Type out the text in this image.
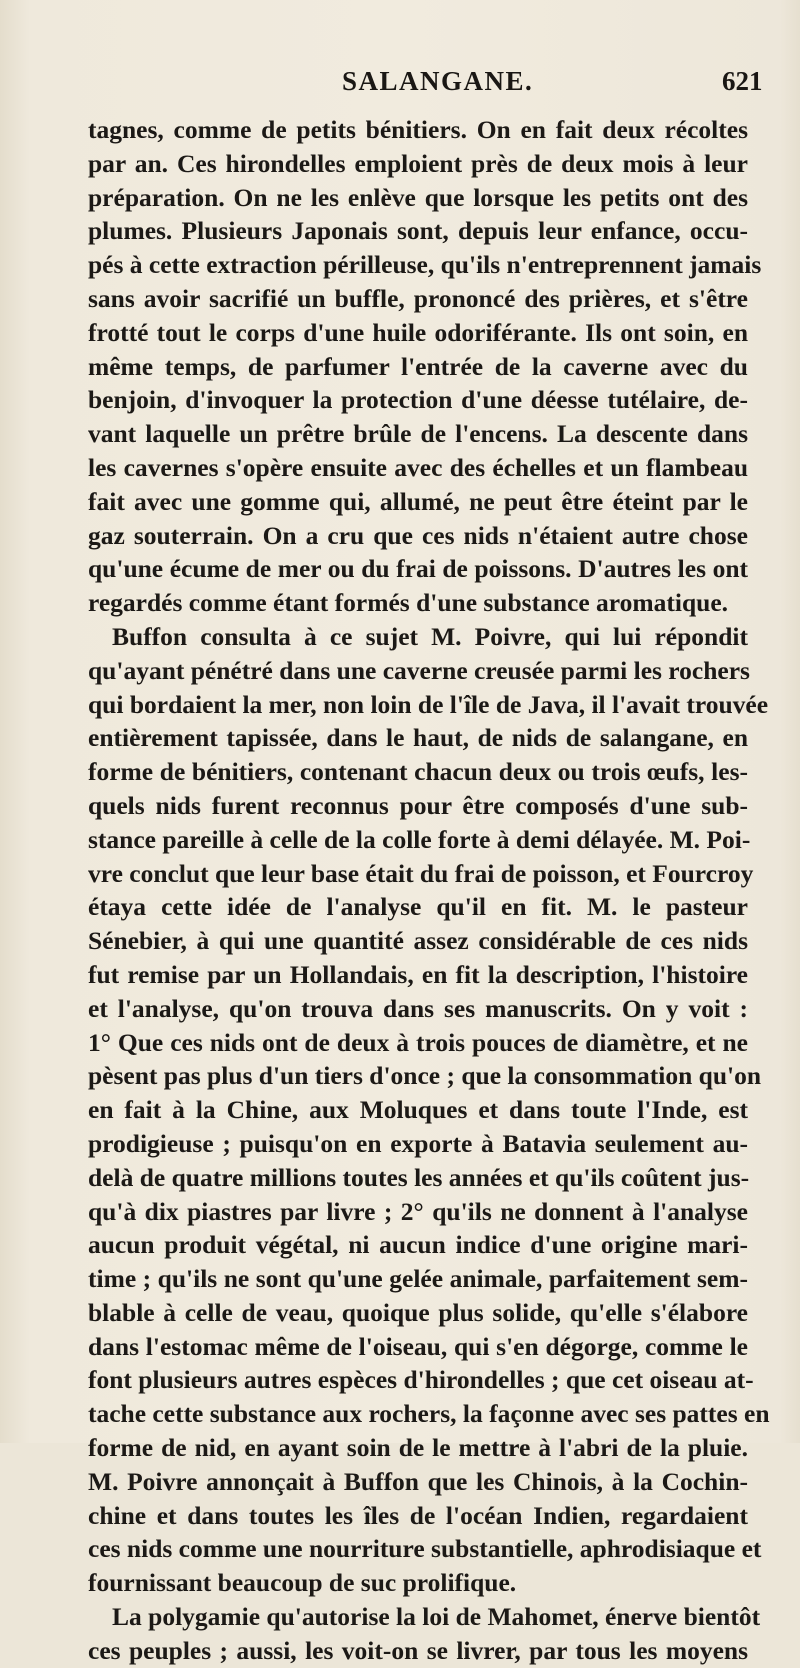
SALANGANE.	621
tagnes, comme de petits bénitiers. On en fait deux récoltes
par an. Ces hirondelles emploient près de deux mois à leur
préparation. On ne les enlève que lorsque les petits ont des
plumes. Plusieurs Japonais sont, depuis leur enfance, occu-
pés à cette extraction périlleuse, qu'ils n'entreprennent jamais
sans avoir sacrifié un buffle, prononcé des prières, et s'être
frotté tout le corps d'une huile odoriférante. Ils ont soin, en
même temps, de parfumer l'entrée de la caverne avec du
benjoin, d'invoquer la protection d'une déesse tutélaire, de-
vant laquelle un prêtre brûle de l'encens. La descente dans
les cavernes s'opère ensuite avec des échelles et un flambeau
fait avec une gomme qui, allumé, ne peut être éteint par le
gaz souterrain. On a cru que ces nids n'étaient autre chose
qu'une écume de mer ou du frai de poissons. D'autres les ont
regardés comme étant formés d'une substance aromatique.
Buffon consulta à ce sujet M. Poivre, qui lui répondit
qu'ayant pénétré dans une caverne creusée parmi les rochers
qui bordaient la mer, non loin de l'île de Java, il l'avait trouvée
entièrement tapissée, dans le haut, de nids de salangane, en
forme de bénitiers, contenant chacun deux ou trois œufs, les-
quels nids furent reconnus pour être composés d'une sub-
stance pareille à celle de la colle forte à demi délayée. M. Poi-
vre conclut que leur base était du frai de poisson, et Fourcroy
étaya cette idée de l'analyse qu'il en fit. M. le pasteur
Sénebier, à qui une quantité assez considérable de ces nids
fut remise par un Hollandais, en fit la description, l'histoire
et l'analyse, qu'on trouva dans ses manuscrits. On y voit :
1° Que ces nids ont de deux à trois pouces de diamètre, et ne
pèsent pas plus d'un tiers d'once ; que la consommation qu'on
en fait à la Chine, aux Moluques et dans toute l'Inde, est
prodigieuse ; puisqu'on en exporte à Batavia seulement au-
delà de quatre millions toutes les années et qu'ils coûtent jus-
qu'à dix piastres par livre ; 2° qu'ils ne donnent à l'analyse
aucun produit végétal, ni aucun indice d'une origine mari-
time ; qu'ils ne sont qu'une gelée animale, parfaitement sem-
blable à celle de veau, quoique plus solide, qu'elle s'élabore
dans l'estomac même de l'oiseau, qui s'en dégorge, comme le
font plusieurs autres espèces d'hirondelles ; que cet oiseau at-
tache cette substance aux rochers, la façonne avec ses pattes en
forme de nid, en ayant soin de le mettre à l'abri de la pluie.
M. Poivre annonçait à Buffon que les Chinois, à la Cochin-
chine et dans toutes les îles de l'océan Indien, regardaient
ces nids comme une nourriture substantielle, aphrodisiaque et
fournissant beaucoup de suc prolifique.
La polygamie qu'autorise la loi de Mahomet, énerve bientôt
ces peuples ; aussi, les voit-on se livrer, par tous les moyens
